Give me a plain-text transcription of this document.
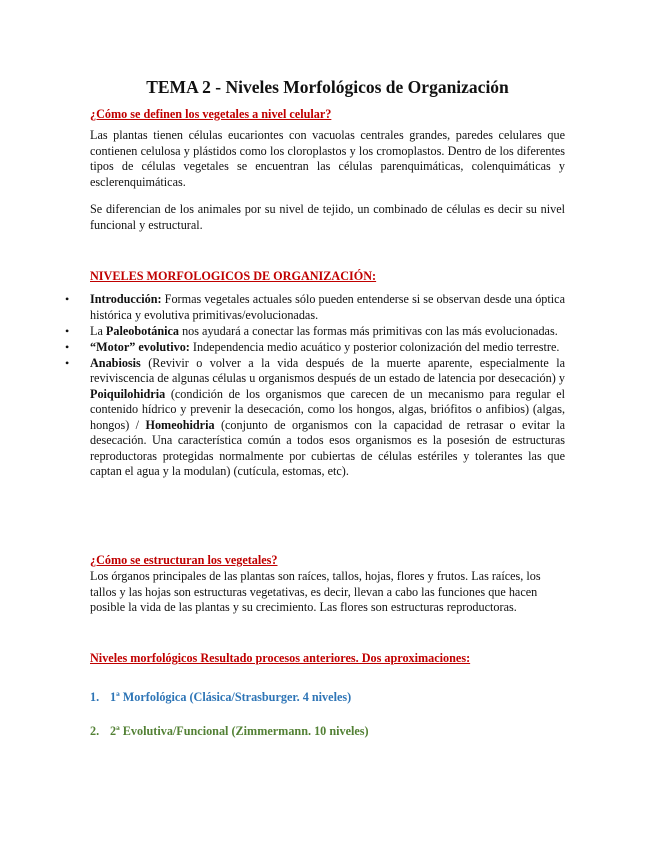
TEMA 2 - Niveles Morfológicos de Organización

¿Cómo se definen los vegetales a nivel celular?

Las plantas tienen células eucariontes con vacuolas centrales grandes, paredes celulares que contienen celulosa y plástidos como los cloroplastos y los cromoplastos. Dentro de los diferentes tipos de células vegetales se encuentran las células parenquimáticas, colenquimáticas y esclerenquimáticas.

Se diferencian de los animales por su nivel de tejido, un combinado de células es decir su nivel funcional y estructural.

NIVELES MORFOLOGICOS DE ORGANIZACIÓN:

• Introducción: Formas vegetales actuales sólo pueden entenderse si se observan desde una óptica histórica y evolutiva primitivas/evolucionadas.
• La Paleobotánica nos ayudará a conectar las formas más primitivas con las más evolucionadas.
• “Motor” evolutivo: Independencia medio acuático y posterior colonización del medio terrestre.
• Anabiosis (Revivir o volver a la vida después de la muerte aparente, especialmente la reviviscencia de algunas células u organismos después de un estado de latencia por desecación) y Poiquilohidria (condición de los organismos que carecen de un mecanismo para regular el contenido hídrico y prevenir la desecación, como los hongos, algas, briófitos o anfibios) (algas, hongos) / Homeohidria (conjunto de organismos con la capacidad de retrasar o evitar la desecación. Una característica común a todos esos organismos es la posesión de estructuras reproductoras protegidas normalmente por cubiertas de células estériles y tolerantes las que captan el agua y la modulan) (cutícula, estomas, etc).

¿Cómo se estructuran los vegetales?

Los órganos principales de las plantas son raíces, tallos, hojas, flores y frutos. Las raíces, los tallos y las hojas son estructuras vegetativas, es decir, llevan a cabo las funciones que hacen posible la vida de las plantas y su crecimiento. Las flores son estructuras reproductoras.

Niveles morfológicos Resultado procesos anteriores. Dos aproximaciones:

1. 1ª Morfológica (Clásica/Strasburger. 4 niveles)

2. 2ª Evolutiva/Funcional (Zimmermann. 10 niveles)
